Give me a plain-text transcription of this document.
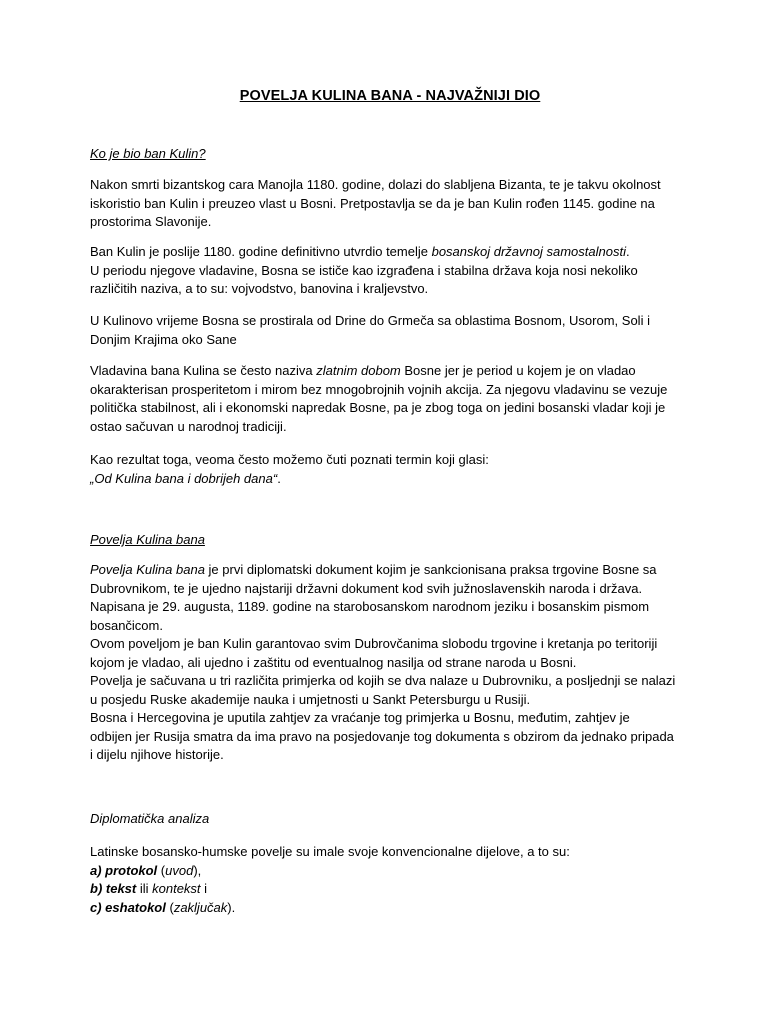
POVELJA KULINA BANA - NAJVAŽNIJI DIO
Ko je bio ban Kulin?
Nakon smrti bizantskog cara Manojla 1180. godine, dolazi do slabljena Bizanta, te je takvu okolnost
iskoristio ban Kulin i preuzeo vlast u Bosni. Pretpostavlja se da je ban Kulin rođen 1145. godine na
prostorima Slavonije.
Ban Kulin je poslije 1180. godine definitivno utvrdio temelje bosanskoj državnoj samostalnosti.
U periodu njegove vladavine, Bosna se ističe kao izgrađena i stabilna država koja nosi nekoliko
različitih naziva, a to su: vojvodstvo, banovina i kraljevstvo.
U Kulinovo vrijeme Bosna se prostirala od Drine do Grmeča sa oblastima Bosnom, Usorom, Soli i
Donjim Krajima oko Sane
Vladavina bana Kulina se često naziva zlatnim dobom Bosne jer je period u kojem je on vladao
okarakterisan prosperitetom i mirom bez mnogobrojnih vojnih akcija. Za njegovu vladavinu se vezuje
politička stabilnost, ali i ekonomski napredak Bosne, pa je zbog toga on jedini bosanski vladar koji je
ostao sačuvan u narodnoj tradiciji.
Kao rezultat toga, veoma često možemo čuti poznati termin koji glasi:
„Od Kulina bana i dobrijeh dana“.
Povelja Kulina bana
Povelja Kulina bana je prvi diplomatski dokument kojim je sankcionisana praksa trgovine Bosne sa
Dubrovnikom, te je ujedno najstariji državni dokument kod svih južnoslavenskih naroda i država.
Napisana je 29. augusta, 1189. godine na starobosanskom narodnom jeziku i bosanskim pismom
bosančicom.
Ovom poveljom je ban Kulin garantovao svim Dubrovčanima slobodu trgovine i kretanja po teritoriji
kojom je vladao, ali ujedno i zaštitu od eventualnog nasilja od strane naroda u Bosni.
Povelja je sačuvana u tri različita primjerka od kojih se dva nalaze u Dubrovniku, a posljednji se nalazi
u posjedu Ruske akademije nauka i umjetnosti u Sankt Petersburgu u Rusiji.
Bosna i Hercegovina je uputila zahtjev za vraćanje tog primjerka u Bosnu, međutim, zahtjev je
odbijen jer Rusija smatra da ima pravo na posjedovanje tog dokumenta s obzirom da jednako pripada
i dijelu njihove historije.
Diplomatička analiza
Latinske bosansko-humske povelje su imale svoje konvencionalne dijelove, a to su:
a) protokol (uvod),
b) tekst ili kontekst i
c) eshatokol (zaključak).
